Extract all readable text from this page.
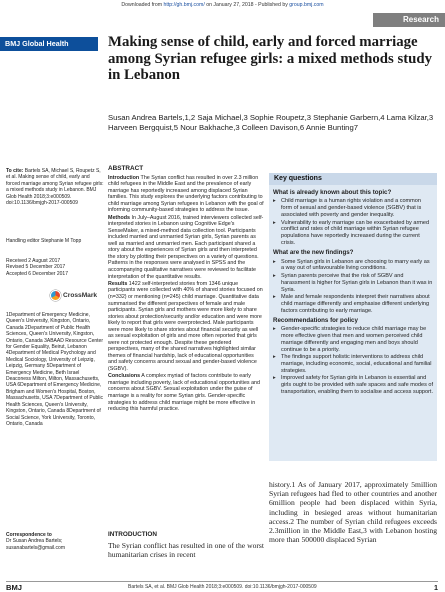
Downloaded from http://gh.bmj.com/ on January 27, 2018 - Published by group.bmj.com
Research
BMJ Global Health	Making sense of child, early and forced marriage among Syrian refugee girls: a mixed methods study in Lebanon
Susan Andrea Bartels,1,2 Saja Michael,3 Sophie Roupetz,3 Stephanie Garbern,4 Lama Kilzar,3 Harveen Bergquist,5 Nour Bakhache,3 Colleen Davison,6 Annie Bunting7
To cite: Bartels SA, Michael S, Roupetz S, et al. Making sense of child, early and forced marriage among Syrian refugee girls: a mixed methods study in Lebanon. BMJ Glob Health 2018;3:e000509. doi:10.1136/bmjgh-2017-000509
Handling editor Stephanie M Topp
Received 2 August 2017
Revised 5 December 2017
Accepted 6 December 2017
CrossMark
1Department of Emergency Medicine, Queen's University, Kingston, Ontario, Canada 2Department of Public Health Sciences, Queen's University, Kingston, Ontario, Canada 3ABAAD Resource Center for Gender Equality, Beirut, Lebanon 4Department of Medical Psychology and Medical Sociology, University of Leipzig, Leipzig, Germany 5Department of Emergency Medicine, Beth Israel Deaconess Milton, Milton, Massachusetts, USA 6Department of Emergency Medicine, Brigham and Women's Hospital, Boston, Massachusetts, USA 7Department of Public Health Sciences, Queen's University, Kingston, Ontario, Canada 8Department of Social Science, York University, Toronto, Ontario, Canada
Correspondence to
Dr Susan Andrea Bartels; susanabartels@gmail.com
ABSTRACT

Introduction The Syrian conflict has resulted in over 2.3 million child refugees in the Middle East and the prevalence of early marriage has reportedly increased among displaced Syrian families. This study explores the underlying factors contributing to child marriage among Syrian refugees in Lebanon with the goal of informing community-based strategies to address the issue.

Methods In July–August 2016, trained interviewers collected self-interpreted stories in Lebanon using Cognitive Edge's SenseMaker, a mixed-method data collection tool. Participants included married and unmarried Syrian girls, Syrian parents as well as married and unmarried men. Each participant shared a story about the experiences of Syrian girls and then interpreted the story by plotting their perspectives on a variety of questions. Patterns in the responses were analysed in SPSS and the accompanying qualitative narratives were reviewed to facilitate interpretation of the quantitative results.

Results 1422 self-interpreted stories from 1346 unique participants were collected with 40% of shared stories focused on (n=332) or mentioning (n=245) child marriage. Quantitative data summarised the different perspectives of female and male participants. Syrian girls and mothers were more likely to share stories about protection/security and/or education and were more likely to report that girls were overprotected. Male participants were more likely to share stories about financial security as well as sexual exploitation of girls and more often reported that girls were not protected enough. Despite these gendered perspectives, many of the shared narratives highlighted similar themes of financial hardship, lack of educational opportunities and safety concerns around sexual and gender-based violence (SGBV).

Conclusions A complex myriad of factors contribute to early marriage including poverty, lack of educational opportunities and concerns about SGBV. Sexual exploitation under the guise of marriage is a reality for some Syrian girls. Gender-specific strategies to address child marriage might be more effective in reducing this harmful practice.

INTRODUCTION
The Syrian conflict has resulted in one of the worst humanitarian crises in recent
Key questions
What is already known about this topic?
▸ Child marriage is a human rights violation and a common form of sexual and gender-based violence (SGBV) that is associated with poverty and gender inequality.
▸ Vulnerability to early marriage can be exacerbated by armed conflict and rates of child marriage within Syrian refugee populations have reportedly increased during the current crisis.
What are the new findings?
▸ Some Syrian girls in Lebanon are choosing to marry early as a way out of unfavourable living conditions.
▸ Syrian parents perceive that the risk of SGBV and harassment is higher for Syrian girls in Lebanon than it was in Syria.
▸ Male and female respondents interpret their narratives about child marriage differently and emphasise different underlying factors contributing to early marriage.
Recommendations for policy
▸ Gender-specific strategies to reduce child marriage may be more effective given that men and women perceived child marriage differently and engaging men and boys should continue to be a priority.
▸ The findings support holistic interventions to address child marriage, including economic, social, educational and familial strategies.
▸ Improved safety for Syrian girls in Lebanon is essential and girls ought to be provided with safe spaces and safe modes of transportation, enabling them to socialise and access support.
history.1 As of January 2017, approximately 5million Syrian refugees had fled to other countries and another 6million people had been displaced within Syria, including in besieged areas without humanitarian access.2 The number of Syrian child refugees exceeds 2.3million in the Middle East,3 with Lebanon hosting more than 500000 displaced Syrian
BMJ	Bartels SA, et al. BMJ Glob Health 2018;3:e000509. doi:10.1136/bmjgh-2017-000509	1
